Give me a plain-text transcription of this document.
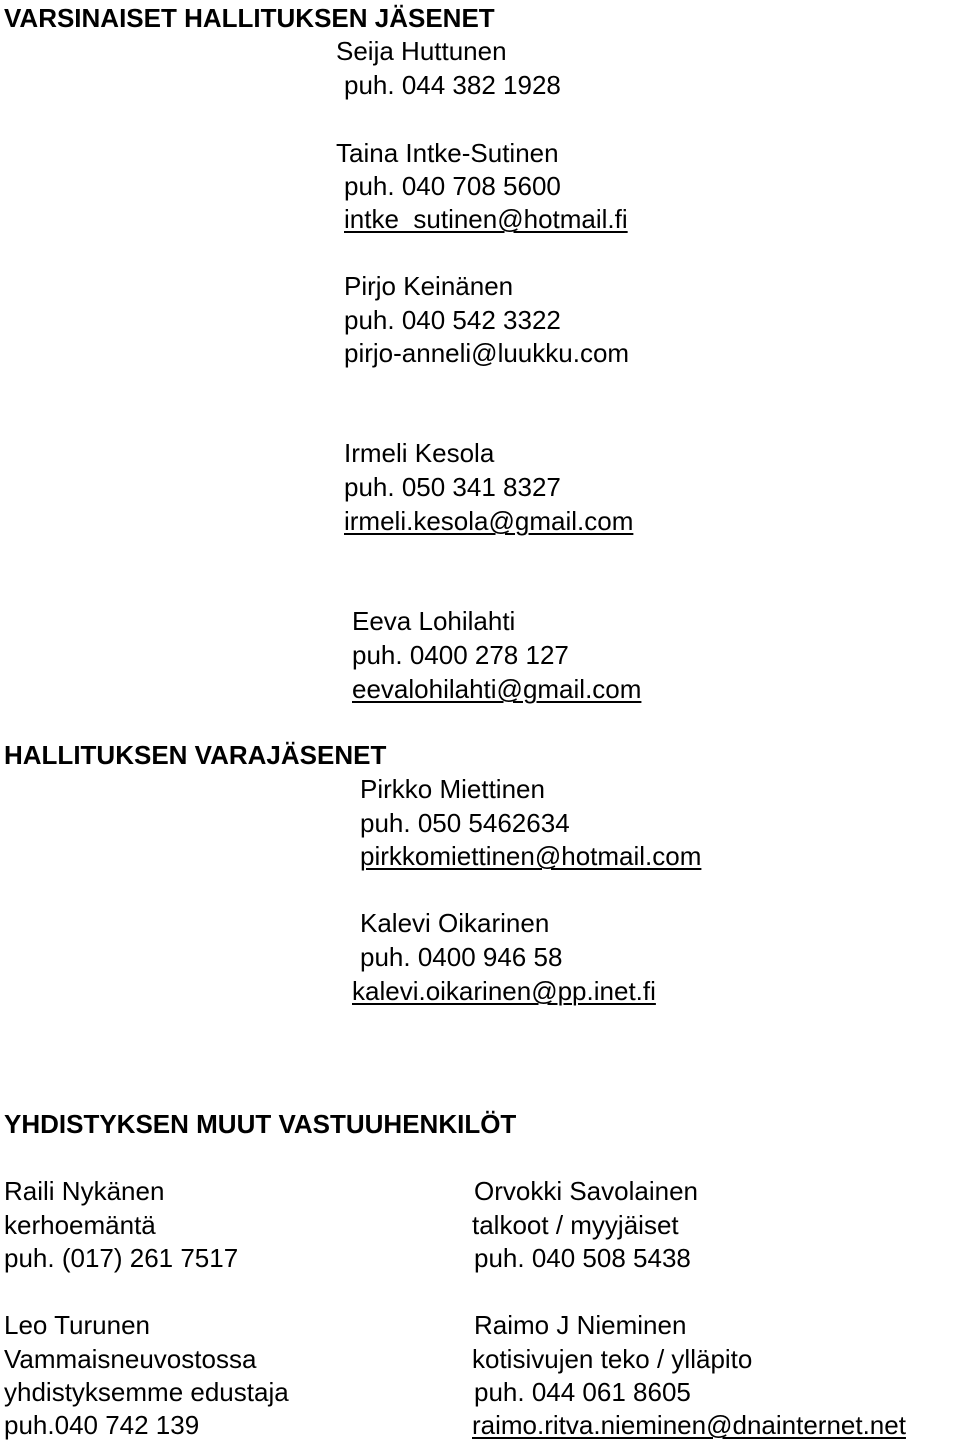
VARSINAISET HALLITUKSEN JÄSENET
Seija Huttunen
puh. 044 382 1928
Taina Intke-Sutinen
puh. 040 708 5600
intke_sutinen@hotmail.fi
Pirjo Keinänen
puh. 040 542 3322
pirjo-anneli@luukku.com
Irmeli Kesola
puh. 050 341 8327
irmeli.kesola@gmail.com
Eeva Lohilahti
puh. 0400 278 127
eevalohilahti@gmail.com
HALLITUKSEN VARAJÄSENET
Pirkko Miettinen
puh. 050 5462634
pirkkomiettinen@hotmail.com
Kalevi Oikarinen
puh. 0400 946 58
kalevi.oikarinen@pp.inet.fi
YHDISTYKSEN MUUT VASTUUHENKILÖT
Raili Nykänen
kerhoemäntä
puh. (017) 261 7517
Leo Turunen
Vammaisneuvostossa
yhdistyksemme edustaja
puh.040 742 139
Orvokki Savolainen
talkoot / myyjäiset
puh. 040 508 5438
Raimo J Nieminen
kotisivujen teko / ylläpito
puh. 044 061 8605
raimo.ritva.nieminen@dnainternet.net
